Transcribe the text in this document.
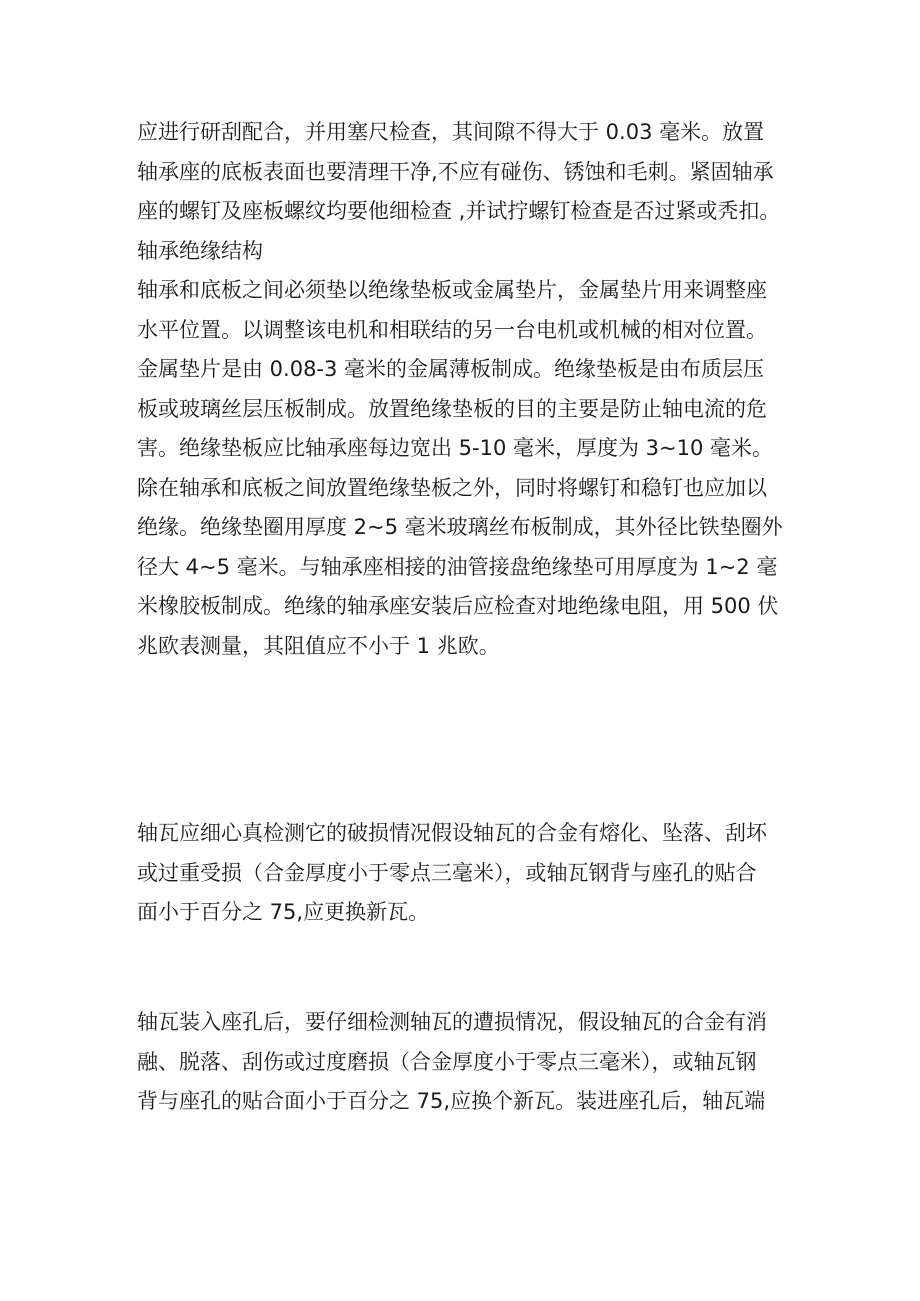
应进行研刮配合，并用塞尺检查，其间隙不得大于 0.03 毫米。放置
轴承座的底板表面也要清理干净,不应有碰伤、锈蚀和毛刺。紧固轴承
座的螺钉及座板螺纹均要他细检查 ,并试拧螺钉检查是否过紧或秃扣。
轴承绝缘结构
轴承和底板之间必须垫以绝缘垫板或金属垫片，金属垫片用来调整座
水平位置。以调整该电机和相联结的另一台电机或机械的相对位置。
金属垫片是由 0.08-3 毫米的金属薄板制成。绝缘垫板是由布质层压
板或玻璃丝层压板制成。放置绝缘垫板的目的主要是防止轴电流的危
害。绝缘垫板应比轴承座每边宽出 5-10 毫米，厚度为 3~10 毫米。
除在轴承和底板之间放置绝缘垫板之外，同时将螺钉和稳钉也应加以
绝缘。绝缘垫圈用厚度 2~5 毫米玻璃丝布板制成，其外径比铁垫圈外
径大 4~5 毫米。与轴承座相接的油管接盘绝缘垫可用厚度为 1~2 毫
米橡胶板制成。绝缘的轴承座安装后应检查对地绝缘电阻，用 500 伏
兆欧表测量，其阻值应不小于 1 兆欧。
轴瓦应细心真检测它的破损情况假设轴瓦的合金有熔化、坠落、刮坏
或过重受损（合金厚度小于零点三毫米），或轴瓦钢背与座孔的贴合
面小于百分之 75,应更换新瓦。
轴瓦装入座孔后，要仔细检测轴瓦的遭损情况，假设轴瓦的合金有消
融、脱落、刮伤或过度磨损（合金厚度小于零点三毫米），或轴瓦钢
背与座孔的贴合面小于百分之 75,应换个新瓦。装进座孔后，轴瓦端
